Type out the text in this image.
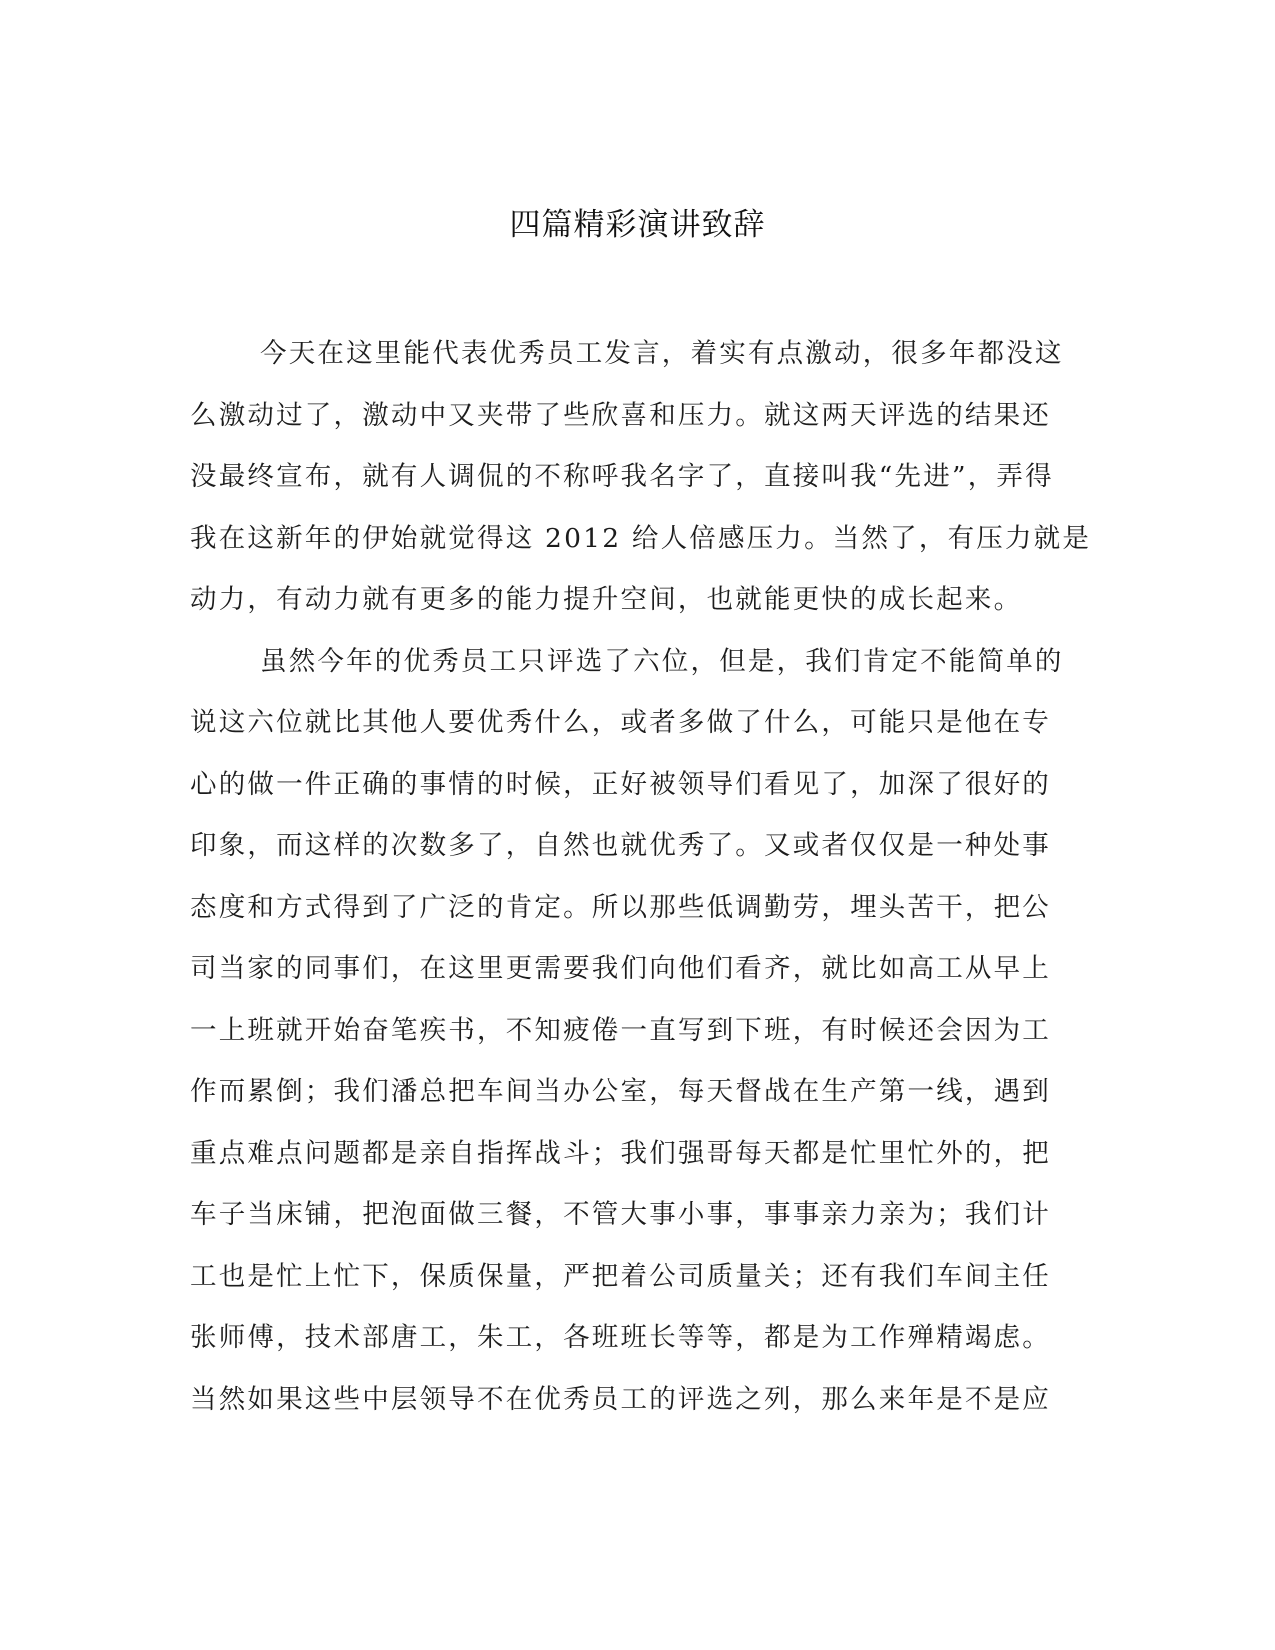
四篇精彩演讲致辞
今天在这里能代表优秀员工发言，着实有点激动，很多年都没这
么激动过了，激动中又夹带了些欣喜和压力。就这两天评选的结果还
没最终宣布，就有人调侃的不称呼我名字了，直接叫我“先进”，弄得
我在这新年的伊始就觉得这 2012 给人倍感压力。当然了，有压力就是
动力，有动力就有更多的能力提升空间，也就能更快的成长起来。
虽然今年的优秀员工只评选了六位，但是，我们肯定不能简单的
说这六位就比其他人要优秀什么，或者多做了什么，可能只是他在专
心的做一件正确的事情的时候，正好被领导们看见了，加深了很好的
印象，而这样的次数多了，自然也就优秀了。又或者仅仅是一种处事
态度和方式得到了广泛的肯定。所以那些低调勤劳，埋头苦干，把公
司当家的同事们，在这里更需要我们向他们看齐，就比如高工从早上
一上班就开始奋笔疾书，不知疲倦一直写到下班，有时候还会因为工
作而累倒；我们潘总把车间当办公室，每天督战在生产第一线，遇到
重点难点问题都是亲自指挥战斗；我们强哥每天都是忙里忙外的，把
车子当床铺，把泡面做三餐，不管大事小事，事事亲力亲为；我们计
工也是忙上忙下，保质保量，严把着公司质量关；还有我们车间主任
张师傅，技术部唐工，朱工，各班班长等等，都是为工作殚精竭虑。
当然如果这些中层领导不在优秀员工的评选之列，那么来年是不是应
